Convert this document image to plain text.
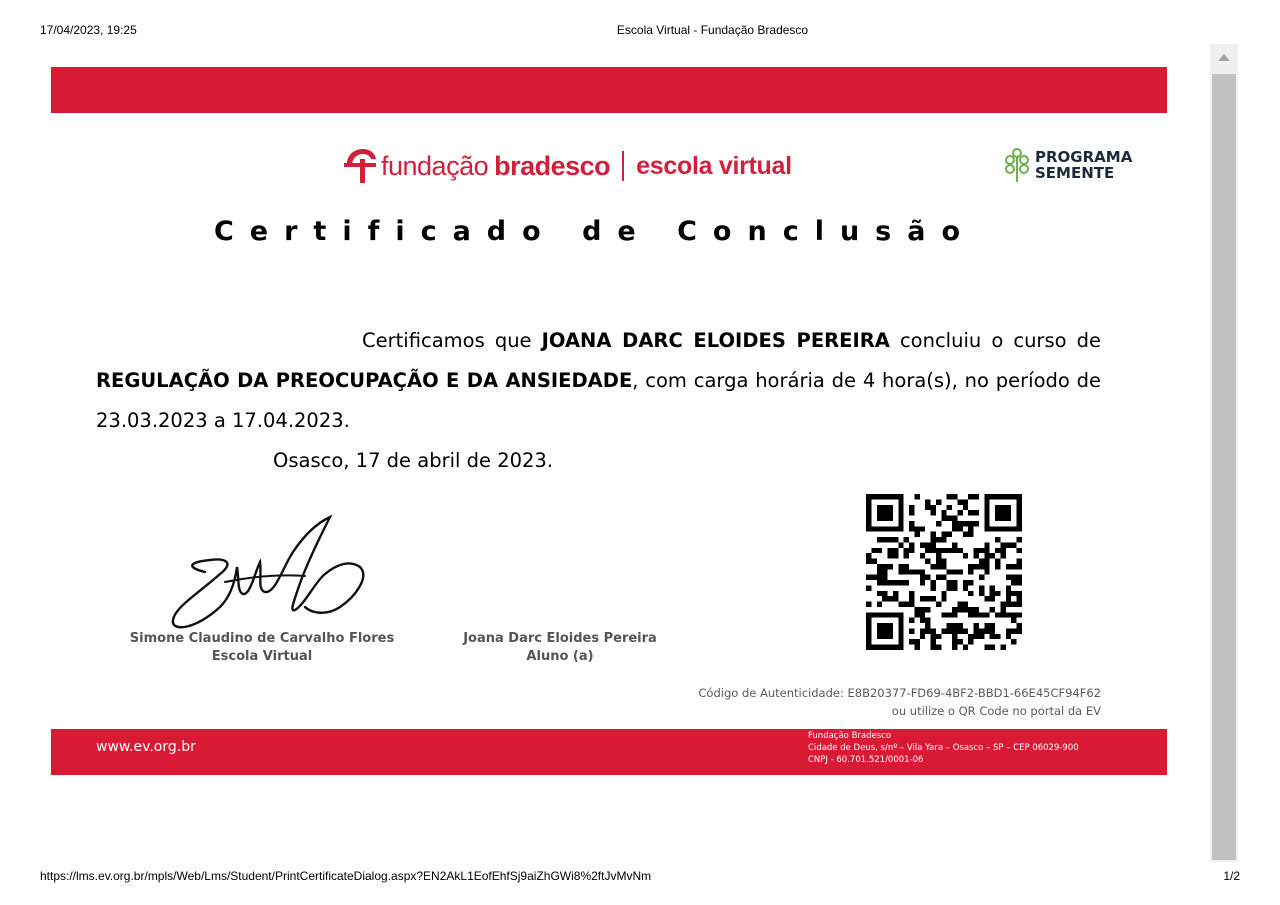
17/04/2023, 19:25	Escola Virtual - Fundação Bradesco
fundação bradesco escola virtual	PROGRAMA
SEMENTE
Certificado de Conclusão
Certificamos que JOANA DARC ELOIDES PEREIRA concluiu o curso de REGULAÇÃO DA PREOCUPAÇÃO E DA ANSIEDADE, com carga horária de 4 hora(s), no período de 23.03.2023 a 17.04.2023.
Osasco, 17 de abril de 2023.
Simone Claudino de Carvalho Flores
Escola Virtual
Joana Darc Eloides Pereira
Aluno (a)
Código de Autenticidade: E8B20377-FD69-4BF2-BBD1-66E45CF94F62
ou utilize o QR Code no portal da EV
www.ev.org.br
Fundação Bradesco
Cidade de Deus, s/nº – Vila Yara – Osasco – SP – CEP 06029-900
CNPJ - 60.701.521/0001-06
https://lms.ev.org.br/mpls/Web/Lms/Student/PrintCertificateDialog.aspx?EN2AkL1EofEhfSj9aiZhGWi8%2ftJvMvNm	1/2
